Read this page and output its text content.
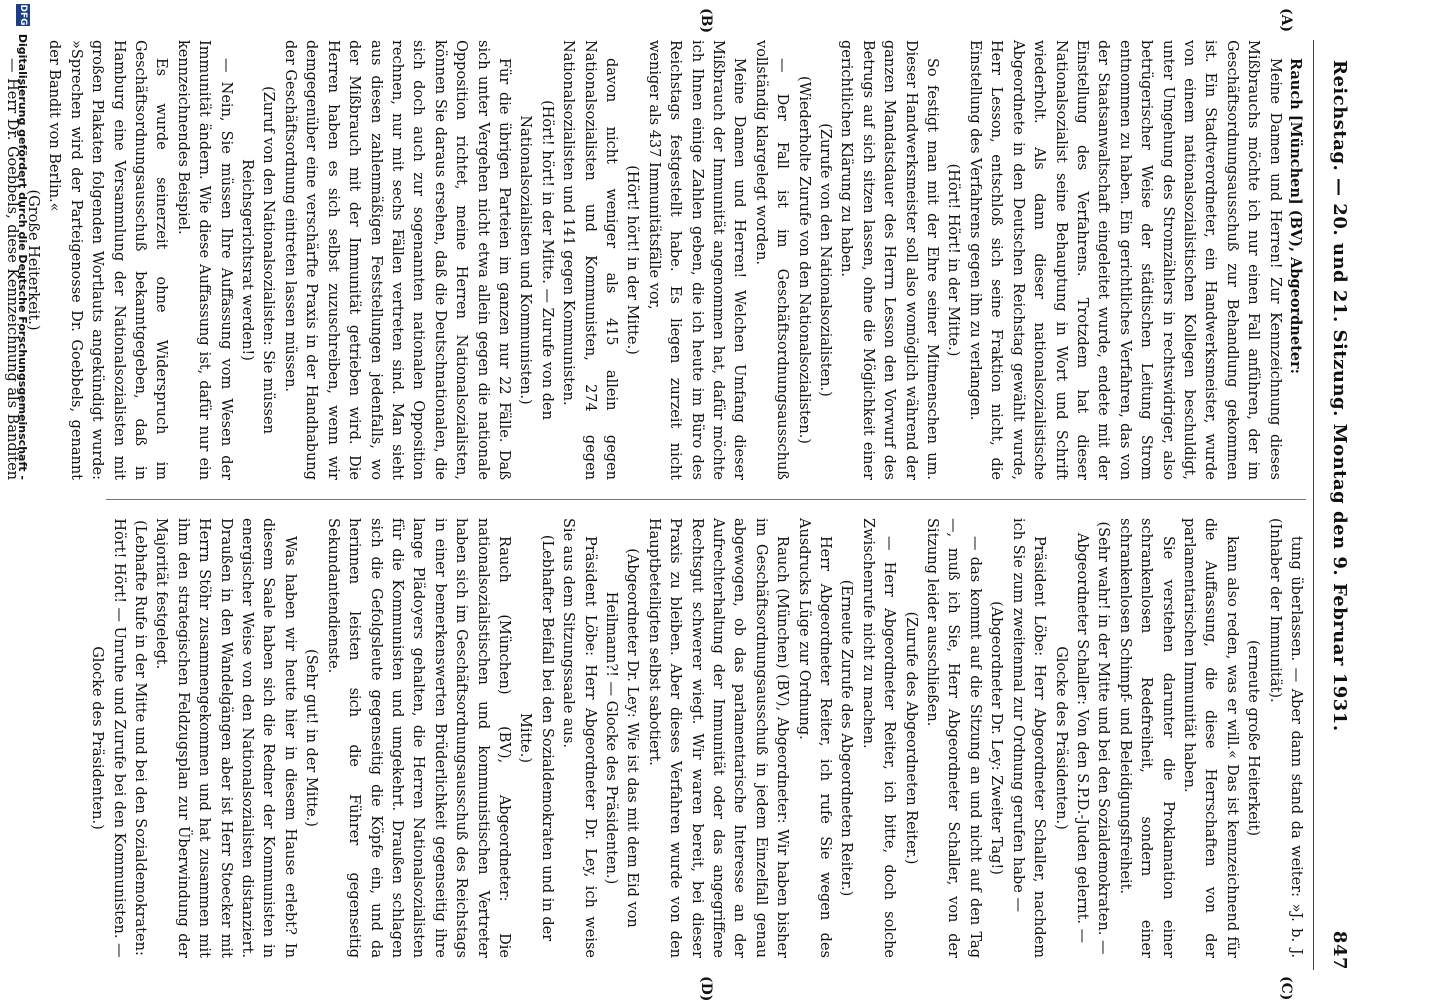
Reichstag. — 20. und 21. Sitzung. Montag den 9. Februar 1931.
847
(A)
(B)
(C)
(D)

Rauch [München] (BV), Abgeordneter:

Meine Damen und Herren! Zur Kennzeichnung dieses Mißbrauchs möchte ich nur einen Fall anführen, der im Geschäftsordnungsausschuß zur Behandlung gekommen ist. Ein Stadtverordneter, ein Handwerksmeister, wurde von einem nationalsozialistischen Kollegen beschuldigt, unter Umgehung des Stromzählers in rechtswidriger, also betrügerischer Weise der städtischen Leitung Strom entnommen zu haben. Ein gerichtliches Verfahren, das von der Staatsanwaltschaft eingeleitet wurde, endete mit der Einstellung des Verfahrens. Trotzdem hat dieser Nationalsozialist seine Behauptung in Wort und Schrift wiederholt. Als dann dieser nationalsozialistische Abgeordnete in den Deutschen Reichstag gewählt wurde, Herr Lesson, entschloß sich seine Fraktion nicht, die Einstellung des Verfahrens gegen ihn zu verlangen.

(Hört! Hört! in der Mitte.)

So festigt man mit der Ehre seiner Mitmenschen um. Dieser Handwerksmeister soll also womöglich während der ganzen Mandatsdauer des Herrn Lesson den Vorwurf des Betrugs auf sich sitzen lassen, ohne die Möglichkeit einer gerichtlichen Klärung zu haben.

(Zurufe von den Nationalsozialisten.)

(Wiederholte Zurufe von den Nationalsozialisten.)

— Der Fall ist im Geschäftsordnungsausschuß vollständig klargelegt worden.

Meine Damen und Herren! Welchen Umfang dieser Mißbrauch der Immunität angenommen hat, dafür möchte ich Ihnen einige Zahlen geben, die ich heute im Büro des Reichstags festgestellt habe. Es liegen zurzeit nicht weniger als 437 Immunitätsfälle vor,

(Hört! hört! in der Mitte.)

davon nicht weniger als 415 allein gegen Nationalsozialisten und Kommunisten, 274 gegen Nationalsozialisten und 141 gegen Kommunisten.

(Hört! hört! in der Mitte. — Zurufe von den Nationalsozialisten und Kommunisten.)

Für die übrigen Parteien im ganzen nur 22 Fälle. Daß sich unter Vergehen nicht etwa allein gegen die nationale Opposition richtet, meine Herren Nationalsozialisten, können Sie daraus ersehen, daß die Deutschnationalen, die sich doch auch zur sogenannten nationalen Opposition rechnen, nur mit sechs Fällen vertreten sind. Man sieht aus diesen zahlenmäßigen Feststellungen jedenfalls, wo der Mißbrauch mit der Immunität getrieben wird. Die Herren haben es sich selbst zuzuschreiben, wenn wir demgegenüber eine verschärfte Praxis in der Handhabung der Geschäftsordnung eintreten lassen müssen.

(Zuruf von den Nationalsozialisten: Sie müssen Reichsgerichtsrat werden!)

— Nein, Sie müssen Ihre Auffassung vom Wesen der Immunität ändern. Wie diese Auffassung ist, dafür nur ein kennzeichnendes Beispiel.

Es wurde seinerzeit ohne Widerspruch im Geschäftsordnungsausschuß bekanntgegeben, daß in Hamburg eine Versammlung der Nationalsozialisten mit großen Plakaten folgenden Wortlauts angekündigt wurde: »Sprechen wird der Parteigenosse Dr. Goebbels, genannt der Bandit von Berlin.«

(Große Heiterkeit.)

— Herr Dr. Goebbels, diese Kennzeichnung als Banditen

tung überlassen. — Aber dann stand da weiter: »J. b. J. (Inhaber der Immunität).

(erneute große Heiterkeit)

kann also reden, was er will.« Das ist kennzeichnend für die Auffassung, die diese Herrschaften von der parlamentarischen Immunität haben.

Sie verstehen darunter die Proklamation einer schrankenlosen Redefreiheit, sondern einer schrankenlosen Schimpf- und Beleidigungsfreiheit.

(Sehr wahr! in der Mitte und bei den Sozialdemokraten. — Abgeordneter Schaller: Von den S.P.D.-Juden gelernt. — Glocke des Präsidenten.)

Präsident Löbe: Herr Abgeordneter Schaller, nachdem ich Sie zum zweitenmal zur Ordnung gerufen habe —

(Abgeordneter Dr. Ley: Zweiter Tag!)

— das kommt auf die Sitzung an und nicht auf den Tag —, muß ich Sie, Herr Abgeordneter Schaller, von der Sitzung leider ausschließen.

(Zurufe des Abgeordneten Reiter.)

— Herr Abgeordneter Reiter, ich bitte, doch solche Zwischenrufe nicht zu machen.

(Erneute Zurufe des Abgeordneten Reiter.)

Herr Abgeordneter Reiter, ich rufe Sie wegen des Ausdrucks Lüge zur Ordnung.

Rauch (München) (BV), Abgeordneter: Wir haben bisher im Geschäftsordnungsausschuß in jedem Einzelfall genau abgewogen, ob das parlamentarische Interesse an der Aufrechterhaltung der Immunität oder das angegriffene Rechtsgut schwerer wiegt. Wir waren bereit, bei dieser Praxis zu bleiben. Aber dieses Verfahren wurde von den Hauptbeteiligten selbst sabotiert.

(Abgeordneter Dr. Ley: Wie ist das mit dem Eid von Heilmann?! — Glocke des Präsidenten.)

Präsident Löbe: Herr Abgeordneter Dr. Ley, ich weise Sie aus dem Sitzungssaale aus.

(Lebhafter Beifall bei den Sozialdemokraten und in der Mitte.)

Rauch (München) (BV), Abgeordneter: Die nationalsozialistischen und kommunistischen Vertreter haben sich im Geschäftsordnungsausschuß des Reichstags in einer bemerkenswerten Brüderlichkeit gegenseitig ihre lange Plädoyers gehalten, die Herren Nationalsozialisten für die Kommunisten und umgekehrt. Draußen schlagen sich die Gefolgsleute gegenseitig die Köpfe ein, und da herinnen leisten sich die Führer gegenseitig Sekundantendienste.

(Sehr gut! in der Mitte.)

Was haben wir heute hier in diesem Hause erlebt? In diesem Saale haben sich die Redner der Kommunisten in energischer Weise von den Nationalsozialisten distanziert. Draußen in den Wandelgängen aber ist Herr Stoecker mit Herrn Stöhr zusammengekommen und hat zusammen mit ihm den strategischen Feldzugsplan zur Überwindung der Majorität festgelegt.

(Lebhafte Rufe in der Mitte und bei den Sozialdemokraten: Hört! Hört! — Unruhe und Zurufe bei den Kommunisten. — Glocke des Präsidenten.)

DFG Digitalisierung gefördert durch die Deutsche Forschungsgemeinschaft -
